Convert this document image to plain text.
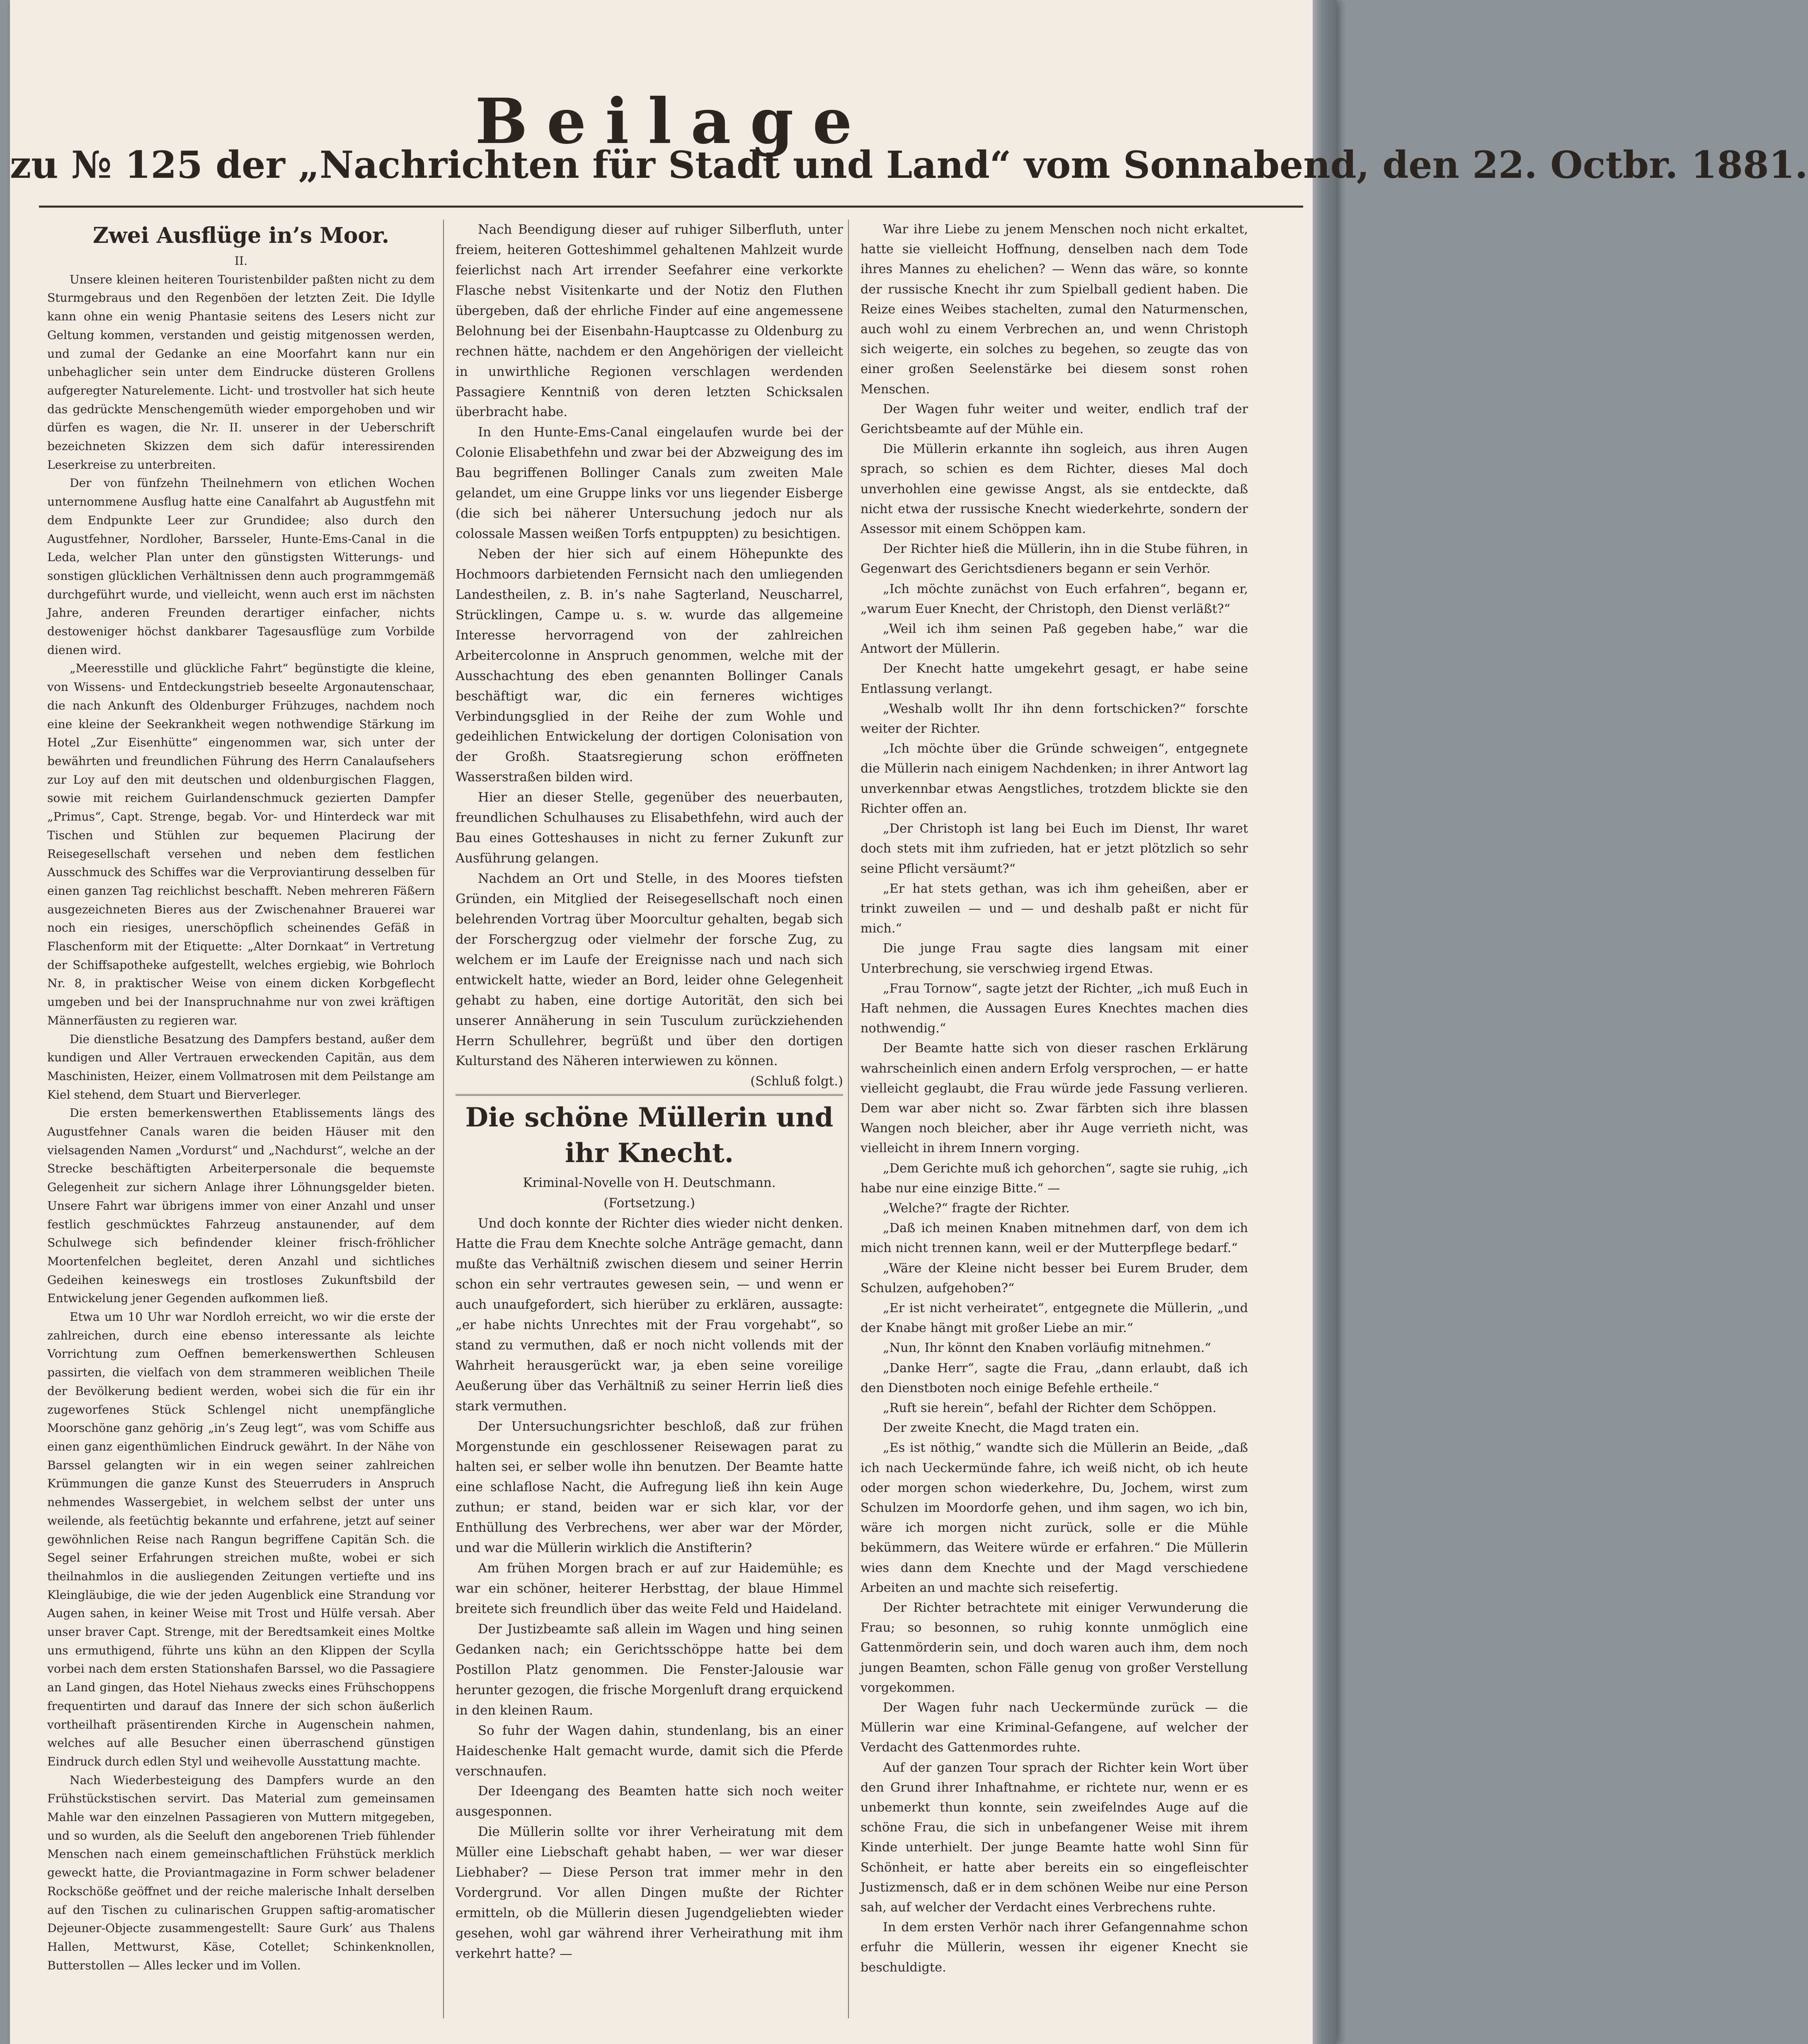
Beilage
zu № 125 der „Nachrichten für Stadt und Land“ vom Sonnabend, den 22. Octbr. 1881.

Zwei Ausflüge in’s Moor.

II.

Unsere kleinen heiteren Touristenbilder paßten nicht zu dem Sturmgebraus und den Regenböen der letzten Zeit. Die Idylle kann ohne ein wenig Phantasie seitens des Lesers nicht zur Geltung kommen, verstanden und geistig mitgenossen werden, und zumal der Gedanke an eine Moorfahrt kann nur ein unbehaglicher sein unter dem Eindrucke düsteren Grollens aufgeregter Naturelemente. Licht- und trostvoller hat sich heute das gedrückte Menschengemüth wieder emporgehoben und wir dürfen es wagen, die Nr. II. unserer in der Ueberschrift bezeichneten Skizzen dem sich dafür interessirenden Leserkreise zu unterbreiten.

Der von fünfzehn Theilnehmern von etlichen Wochen unternommene Ausflug hatte eine Canalfahrt ab Augustfehn mit dem Endpunkte Leer zur Grundidee; also durch den Augustfehner, Nordloher, Barsseler, Hunte-Ems-Canal in die Leda, welcher Plan unter den günstigsten Witterungs- und sonstigen glücklichen Verhältnissen denn auch programmgemäß durchgeführt wurde, und vielleicht, wenn auch erst im nächsten Jahre, anderen Freunden derartiger einfacher, nichts destoweniger höchst dankbarer Tagesausflüge zum Vorbilde dienen wird.

„Meeresstille und glückliche Fahrt“ begünstigte die kleine, von Wissens- und Entdeckungstrieb beseelte Argonautenschaar, die nach Ankunft des Oldenburger Frühzuges, nachdem noch eine kleine der Seekrankheit wegen nothwendige Stärkung im Hotel „Zur Eisenhütte“ eingenommen war, sich unter der bewährten und freundlichen Führung des Herrn Canalaufsehers zur Loy auf den mit deutschen und oldenburgischen Flaggen, sowie mit reichem Guirlandenschmuck gezierten Dampfer „Primus“, Capt. Strenge, begab. Vor- und Hinterdeck war mit Tischen und Stühlen zur bequemen Placirung der Reisegesellschaft versehen und neben dem festlichen Ausschmuck des Schiffes war die Verproviantirung desselben für einen ganzen Tag reichlichst beschafft. Neben mehreren Fäßern ausgezeichneten Bieres aus der Zwischenahner Brauerei war noch ein riesiges, unerschöpflich scheinendes Gefäß in Flaschenform mit der Etiquette: „Alter Dornkaat“ in Vertretung der Schiffsapotheke aufgestellt, welches ergiebig, wie Bohrloch Nr. 8, in praktischer Weise von einem dicken Korbgeflecht umgeben und bei der Inanspruchnahme nur von zwei kräftigen Männerfäusten zu regieren war.

Die dienstliche Besatzung des Dampfers bestand, außer dem kundigen und Aller Vertrauen erweckenden Capitän, aus dem Maschinisten, Heizer, einem Vollmatrosen mit dem Peilstange am Kiel stehend, dem Stuart und Bierverleger.

Die ersten bemerkenswerthen Etablissements längs des Augustfehner Canals waren die beiden Häuser mit den vielsagenden Namen „Vordurst“ und „Nachdurst“, welche an der Strecke beschäftigten Arbeiterpersonale die bequemste Gelegenheit zur sichern Anlage ihrer Löhnungsgelder bieten. Unsere Fahrt war übrigens immer von einer Anzahl und unser festlich geschmücktes Fahrzeug anstaunender, auf dem Schulwege sich befindender kleiner frisch-fröhlicher Moortenfelchen begleitet, deren Anzahl und sichtliches Gedeihen keineswegs ein trostloses Zukunftsbild der Entwickelung jener Gegenden aufkommen ließ.

Etwa um 10 Uhr war Nordloh erreicht, wo wir die erste der zahlreichen, durch eine ebenso interessante als leichte Vorrichtung zum Oeffnen bemerkenswerthen Schleusen passirten, die vielfach von dem strammeren weiblichen Theile der Bevölkerung bedient werden, wobei sich die für ein ihr zugeworfenes Stück Schlengel nicht unempfängliche Moorschöne ganz gehörig „in’s Zeug legt“, was vom Schiffe aus einen ganz eigenthümlichen Eindruck gewährt. In der Nähe von Barssel gelangten wir in ein wegen seiner zahlreichen Krümmungen die ganze Kunst des Steuerruders in Anspruch nehmendes Wassergebiet, in welchem selbst der unter uns weilende, als feetüchtig bekannte und erfahrene, jetzt auf seiner gewöhnlichen Reise nach Rangun begriffene Capitän Sch. die Segel seiner Erfahrungen streichen mußte, wobei er sich theilnahmlos in die ausliegenden Zeitungen vertiefte und ins Kleingläubige, die wie der jeden Augenblick eine Strandung vor Augen sahen, in keiner Weise mit Trost und Hülfe versah. Aber unser braver Capt. Strenge, mit der Beredtsamkeit eines Moltke uns ermuthigend, führte uns kühn an den Klippen der Scylla vorbei nach dem ersten Stationshafen Barssel, wo die Passagiere an Land gingen, das Hotel Niehaus zwecks eines Frühschoppens frequentirten und darauf das Innere der sich schon äußerlich vortheilhaft präsentirenden Kirche in Augenschein nahmen, welches auf alle Besucher einen überraschend günstigen Eindruck durch edlen Styl und weihevolle Ausstattung machte.

Nach Wiederbesteigung des Dampfers wurde an den Frühstückstischen servirt. Das Material zum gemeinsamen Mahle war den einzelnen Passagieren von Muttern mitgegeben, und so wurden, als die Seeluft den angeborenen Trieb fühlender Menschen nach einem gemeinschaftlichen Frühstück merklich geweckt hatte, die Proviantmagazine in Form schwer beladener Rockschöße geöffnet und der reiche malerische Inhalt derselben auf den Tischen zu culinarischen Gruppen saftig-aromatischer Dejeuner-Objecte zusammengestellt: Saure Gurk’ aus Thalens Hallen, Mettwurst, Käse, Cotellet; Schinkenknollen, Butterstollen — Alles lecker und im Vollen.

Nach Beendigung dieser auf ruhiger Silberfluth, unter freiem, heiteren Gotteshimmel gehaltenen Mahlzeit wurde feierlichst nach Art irrender Seefahrer eine verkorkte Flasche nebst Visitenkarte und der Notiz den Fluthen übergeben, daß der ehrliche Finder auf eine angemessene Belohnung bei der Eisenbahn-Hauptcasse zu Oldenburg zu rechnen hätte, nachdem er den Angehörigen der vielleicht in unwirthliche Regionen verschlagen werdenden Passagiere Kenntniß von deren letzten Schicksalen überbracht habe.

In den Hunte-Ems-Canal eingelaufen wurde bei der Colonie Elisabethfehn und zwar bei der Abzweigung des im Bau begriffenen Bollinger Canals zum zweiten Male gelandet, um eine Gruppe links vor uns liegender Eisberge (die sich bei näherer Untersuchung jedoch nur als colossale Massen weißen Torfs entpuppten) zu besichtigen.

Neben der hier sich auf einem Höhepunkte des Hochmoors darbietenden Fernsicht nach den umliegenden Landestheilen, z. B. in’s nahe Sagterland, Neuscharrel, Strücklingen, Campe u. s. w. wurde das allgemeine Interesse hervorragend von der zahlreichen Arbeitercolonne in Anspruch genommen, welche mit der Ausschachtung des eben genannten Bollinger Canals beschäftigt war, dic ein ferneres wichtiges Verbindungsglied in der Reihe der zum Wohle und gedeihlichen Entwickelung der dortigen Colonisation von der Großh. Staatsregierung schon eröffneten Wasserstraßen bilden wird.

Hier an dieser Stelle, gegenüber des neuerbauten, freundlichen Schulhauses zu Elisabethfehn, wird auch der Bau eines Gotteshauses in nicht zu ferner Zukunft zur Ausführung gelangen.

Nachdem an Ort und Stelle, in des Moores tiefsten Gründen, ein Mitglied der Reisegesellschaft noch einen belehrenden Vortrag über Moorcultur gehalten, begab sich der Forschergzug oder vielmehr der forsche Zug, zu welchem er im Laufe der Ereignisse nach und nach sich entwickelt hatte, wieder an Bord, leider ohne Gelegenheit gehabt zu haben, eine dortige Autorität, den sich bei unserer Annäherung in sein Tusculum zurückziehenden Herrn Schullehrer, begrüßt und über den dortigen Kulturstand des Näheren interwiewen zu können.

(Schluß folgt.)

Die schöne Müllerin und ihr Knecht.

Kriminal-Novelle von H. Deutschmann.

(Fortsetzung.)

Und doch konnte der Richter dies wieder nicht denken. Hatte die Frau dem Knechte solche Anträge gemacht, dann mußte das Verhältniß zwischen diesem und seiner Herrin schon ein sehr vertrautes gewesen sein, — und wenn er auch unaufgefordert, sich hierüber zu erklären, aussagte: „er habe nichts Unrechtes mit der Frau vorgehabt“, so stand zu vermuthen, daß er noch nicht vollends mit der Wahrheit herausgerückt war, ja eben seine voreilige Aeußerung über das Verhältniß zu seiner Herrin ließ dies stark vermuthen.

Der Untersuchungsrichter beschloß, daß zur frühen Morgenstunde ein geschlossener Reisewagen parat zu halten sei, er selber wolle ihn benutzen. Der Beamte hatte eine schlaflose Nacht, die Aufregung ließ ihn kein Auge zuthun; er stand, beiden war er sich klar, vor der Enthüllung des Verbrechens, wer aber war der Mörder, und war die Müllerin wirklich die Anstifterin?

Am frühen Morgen brach er auf zur Haidemühle; es war ein schöner, heiterer Herbsttag, der blaue Himmel breitete sich freundlich über das weite Feld und Haideland.

Der Justizbeamte saß allein im Wagen und hing seinen Gedanken nach; ein Gerichtsschöppe hatte bei dem Postillon Platz genommen. Die Fenster-Jalousie war herunter gezogen, die frische Morgenluft drang erquickend in den kleinen Raum.

So fuhr der Wagen dahin, stundenlang, bis an einer Haideschenke Halt gemacht wurde, damit sich die Pferde verschnaufen.

Der Ideengang des Beamten hatte sich noch weiter ausgesponnen.

Die Müllerin sollte vor ihrer Verheiratung mit dem Müller eine Liebschaft gehabt haben, — wer war dieser Liebhaber? — Diese Person trat immer mehr in den Vordergrund. Vor allen Dingen mußte der Richter ermitteln, ob die Müllerin diesen Jugendgeliebten wieder gesehen, wohl gar während ihrer Verheirathung mit ihm verkehrt hatte? —

War ihre Liebe zu jenem Menschen noch nicht erkaltet, hatte sie vielleicht Hoffnung, denselben nach dem Tode ihres Mannes zu ehelichen? — Wenn das wäre, so konnte der russische Knecht ihr zum Spielball gedient haben. Die Reize eines Weibes stachelten, zumal den Naturmenschen, auch wohl zu einem Verbrechen an, und wenn Christoph sich weigerte, ein solches zu begehen, so zeugte das von einer großen Seelenstärke bei diesem sonst rohen Menschen.

Der Wagen fuhr weiter und weiter, endlich traf der Gerichtsbeamte auf der Mühle ein.

Die Müllerin erkannte ihn sogleich, aus ihren Augen sprach, so schien es dem Richter, dieses Mal doch unverhohlen eine gewisse Angst, als sie entdeckte, daß nicht etwa der russische Knecht wiederkehrte, sondern der Assessor mit einem Schöppen kam.

Der Richter hieß die Müllerin, ihn in die Stube führen, in Gegenwart des Gerichtsdieners begann er sein Verhör.

„Ich möchte zunächst von Euch erfahren“, begann er, „warum Euer Knecht, der Christoph, den Dienst verläßt?“

„Weil ich ihm seinen Paß gegeben habe,“ war die Antwort der Müllerin.

Der Knecht hatte umgekehrt gesagt, er habe seine Entlassung verlangt.

„Weshalb wollt Ihr ihn denn fortschicken?“ forschte weiter der Richter.

„Ich möchte über die Gründe schweigen“, entgegnete die Müllerin nach einigem Nachdenken; in ihrer Antwort lag unverkennbar etwas Aengstliches, trotzdem blickte sie den Richter offen an.

„Der Christoph ist lang bei Euch im Dienst, Ihr waret doch stets mit ihm zufrieden, hat er jetzt plötzlich so sehr seine Pflicht versäumt?“

„Er hat stets gethan, was ich ihm geheißen, aber er trinkt zuweilen — und — und deshalb paßt er nicht für mich.“

Die junge Frau sagte dies langsam mit einer Unterbrechung, sie verschwieg irgend Etwas.

„Frau Tornow“, sagte jetzt der Richter, „ich muß Euch in Haft nehmen, die Aussagen Eures Knechtes machen dies nothwendig.“

Der Beamte hatte sich von dieser raschen Erklärung wahrscheinlich einen andern Erfolg versprochen, — er hatte vielleicht geglaubt, die Frau würde jede Fassung verlieren. Dem war aber nicht so. Zwar färbten sich ihre blassen Wangen noch bleicher, aber ihr Auge verrieth nicht, was vielleicht in ihrem Innern vorging.

„Dem Gerichte muß ich gehorchen“, sagte sie ruhig, „ich habe nur eine einzige Bitte.“ —

„Welche?“ fragte der Richter.

„Daß ich meinen Knaben mitnehmen darf, von dem ich mich nicht trennen kann, weil er der Mutterpflege bedarf.“

„Wäre der Kleine nicht besser bei Eurem Bruder, dem Schulzen, aufgehoben?“

„Er ist nicht verheiratet“, entgegnete die Müllerin, „und der Knabe hängt mit großer Liebe an mir.“

„Nun, Ihr könnt den Knaben vorläufig mitnehmen.“

„Danke Herr“, sagte die Frau, „dann erlaubt, daß ich den Dienstboten noch einige Befehle ertheile.“

„Ruft sie herein“, befahl der Richter dem Schöppen.

Der zweite Knecht, die Magd traten ein.

„Es ist nöthig,“ wandte sich die Müllerin an Beide, „daß ich nach Ueckermünde fahre, ich weiß nicht, ob ich heute oder morgen schon wiederkehre, Du, Jochem, wirst zum Schulzen im Moordorfe gehen, und ihm sagen, wo ich bin, wäre ich morgen nicht zurück, solle er die Mühle bekümmern, das Weitere würde er erfahren.“ Die Müllerin wies dann dem Knechte und der Magd verschiedene Arbeiten an und machte sich reisefertig.

Der Richter betrachtete mit einiger Verwunderung die Frau; so besonnen, so ruhig konnte unmöglich eine Gattenmörderin sein, und doch waren auch ihm, dem noch jungen Beamten, schon Fälle genug von großer Verstellung vorgekommen.

Der Wagen fuhr nach Ueckermünde zurück — die Müllerin war eine Kriminal-Gefangene, auf welcher der Verdacht des Gattenmordes ruhte.

Auf der ganzen Tour sprach der Richter kein Wort über den Grund ihrer Inhaftnahme, er richtete nur, wenn er es unbemerkt thun konnte, sein zweifelndes Auge auf die schöne Frau, die sich in unbefangener Weise mit ihrem Kinde unterhielt. Der junge Beamte hatte wohl Sinn für Schönheit, er hatte aber bereits ein so eingefleischter Justizmensch, daß er in dem schönen Weibe nur eine Person sah, auf welcher der Verdacht eines Verbrechens ruhte.

In dem ersten Verhör nach ihrer Gefangennahme schon erfuhr die Müllerin, wessen ihr eigener Knecht sie beschuldigte.
